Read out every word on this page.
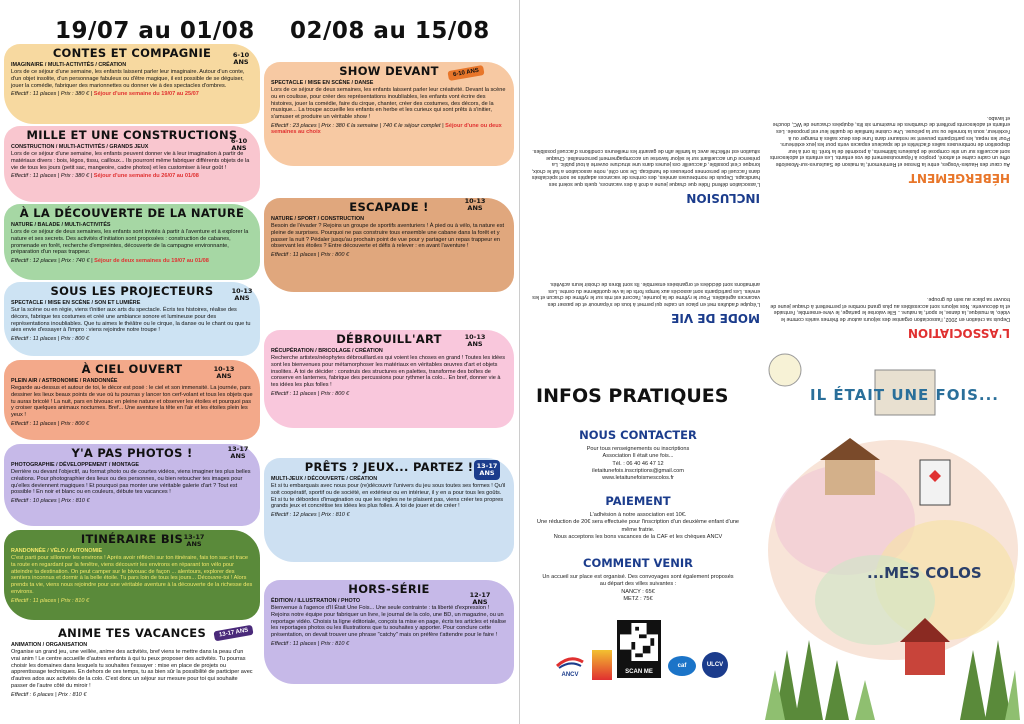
19/07 au 01/08 02/08 au 15/08
CONTES ET COMPAGNIE
IMAGINAIRE / MULTI-ACTIVITÉS / CRÉATION
Lors de ce séjour d'une semaine, les enfants laissent parler leur imaginaire. Autour d'un conte, d'un objet insolite, d'un personnage fabuleux ou d'être magique, il est possible de se déguiser, jouer la comédie, fabriquer des marionnettes ou donner vie à des spectacles d'ombres.
Effectif : 11 places | Prix : 380 € | Séjour d'une semaine du 19/07 au 25/07
6-10 ANS
MILLE ET UNE CONSTRUCTIONS
CONSTRUCTION / MULTI-ACTIVITÉS / GRANDS JEUX
Lors de ce séjour d'une semaine, les enfants peuvent donner vie à leur imagination à partir de matériaux divers : bois, légos, tissu, cailloux... Ils pourront même fabriquer différents objets de la vie de tous les jours (petit sac, mangeoire, cadre photos) et les customiser à leur goût !
Effectif : 11 places | Prix : 380 € | Séjour d'une semaine du 26/07 au 01/08
6-10 ANS
À LA DÉCOUVERTE DE LA NATURE
NATURE / BALADE / MULTI-ACTIVITÉS
Lors de ce séjour de deux semaines, les enfants sont invités à partir à l'aventure et à explorer la nature et ses secrets. Des activités d'initiation sont proposées : construction de cabanes, promenade en forêt, recherche d'empreintes, découverte de la campagne environnante, préparation d'un repas trappeur.
Effectif : 12 places | Prix : 740 € | Séjour de deux semaines du 19/07 au 01/08
SOUS LES PROJECTEURS
SPECTACLE / MISE EN SCÈNE / SON ET LUMIÈRE
Sur la scène ou en régie, viens t'initier aux arts du spectacle. Écris tes histoires, réalise des décors, fabrique tes costumes et créé une ambiance sonore et lumineuse pour des représentations inoubliables. Que tu aimes le théâtre ou le cirque, la danse ou le chant ou que tu aies envie d'essayer à l'impro : viens rejoindre notre troupe !
Effectif : 11 places | Prix : 800 €
10-13 ANS
À CIEL OUVERT
PLEIN AIR / ASTRONOMIE / RANDONNÉE
Regarde au-dessus et autour de toi, le décor est posé : le ciel et son immensité. La journée, pars dessiner les lieux beaux points de vue où tu pourras y lancer ton cerf-volant et tous les objets que tu auras bricolé ! La nuit, pars en bivouac en pleine nature et observer les étoiles et pourquoi pas y croiser quelques animaux nocturnes. Bref... Une aventure la tête en l'air et les étoiles plein les yeux !
Effectif : 11 places | Prix : 800 €
10-13 ANS
Y'A PAS PHOTOS !
PHOTOGRAPHIE / DÉVELOPPEMENT / MONTAGE
Derrière ou devant l'objectif, au format photo ou de courtes vidéos, viens imaginer tes plus belles créations. Pour photographier des lieux ou des personnes, ou bien retoucher tes images pour qu'elles deviennent magiques ! Et pourquoi pas monter une véritable galerie d'art ? Tout est possible ! En noir et blanc ou en couleurs, débute tes vacances !
Effectif : 10 places | Prix : 810 €
13-17 ANS
ITINÉRAIRE BIS
RANDONNÉE / VÉLO / AUTONOMIE
C'est parti pour sillonner les environs ! Après avoir réfléchi sur ton itinéraire, fais ton sac et trace ta route en regardant par la fenêtre, viens découvrir les environs en réparant ton vélo pour atteindre ta destination. On peut camper sur le bivouac de façon ... alentours, explorer des sentiers inconnus et dormir à la belle étoile. Tu pars loin de tous les jours... Découvre-toi ! Alors prends ta vie, viens nous rejoindre pour une véritable aventure à la découverte de la richesse des environs.
Effectif : 11 places | Prix : 810 €
13-17 ANS
ANIME TES VACANCES
ANIMATION / ORGANISATION
Organise un grand jeu, une veillée, anime des activités, bref viens te mettre dans la peau d'un vrai anim ! Le centre accueille d'autres enfants à qui tu peux proposer des activités. Tu pourras choisir les domaines dans lesquels tu souhaites t'essayer : mise en place de projets ou apprentissage techniques. En dehors de ces temps, tu as bien sûr la possibilité de participer avec d'autres ados aux activités de la colo. C'est donc un séjour sur mesure pour toi qui souhaite passer de l'autre côté du miroir !
Effectif : 6 places | Prix : 810 €
13-17 ANS
SHOW DEVANT
SPECTACLE / MISE EN SCÈNE / DANSE
Lors de ce séjour de deux semaines, les enfants laissent parler leur créativité. Devant la scène ou en coulisse, pour créer des représentations inoubliables, les enfants vont écrire des histoires, jouer la comédie, faire du cirque, chanter, créer des costumes, des décors, de la musique... La troupe accueille les enfants en herbe et les curieux qui sont prêts à s'initier, s'amuser et produire un véritable show !
Effectif : 23 places | Prix : 380 € la semaine | 740 € le séjour complet | Séjour d'une ou deux semaines au choix
6-10 ANS
ESCAPADE !
NATURE / SPORT / CONSTRUCTION
Besoin de l'évader ? Rejoins un groupe de sportifs aventuriers ! À pied ou à vélo, ta nature est pleine de surprises. Pourquoi ne pas construire tous ensemble une cabane dans la forêt et y passer la nuit ? Pédaler jusqu'au prochain point de vue pour y partager un repas trappeur en observant les étoiles ? Entre découverte et défis à relever : en avant l'aventure !
Effectif : 11 places | Prix : 800 €
10-13 ANS
DÉBROUILL'ART
RÉCUPÉRATION / BRICOLAGE / CRÉATION
Recherche artistes/néophytes débrouillard.es qui voient les choses en grand ! Toutes les idées sont les bienvenues pour métamorphoser les matériaux en véritables œuvres d'art et objets insolites. À toi de décider : construis des structures en palettes, transforme des boîtes de conserve en lanternes, fabrique des percussions pour rythmer la colo... En bref, donner vie à tes idées les plus folles !
Effectif : 11 places | Prix : 800 €
10-13 ANS
PRÊTS ? JEUX... PARTEZ !
MULTI-JEUX / DÉCOUVERTE / CRÉATION
Et si tu embarquais avec nous pour (re)découvrir l'univers du jeu sous toutes ses formes ! Qu'il soit coopératif, sportif ou de société, en extérieur ou en intérieur, il y en a pour tous les goûts. Et si tu te débordes d'imagination ou que les règles ne te plaisent pas, viens créer tes propres grands jeux et concrétise tes idées les plus folles. À toi de jouer et de créer !
Effectif : 12 places | Prix : 810 €
13-17 ANS
HORS-SÉRIE
ÉDITION / ILLUSTRATION / PHOTO
Bienvenue à l'agence d'Il Était Une Fois... Une seule contrainte : ta liberté d'expression ! Rejoins notre équipe pour fabriquer un livre, le journal de la colo, une BD, un magazine, ou un reportage vidéo. Choisis ta ligne éditoriale, conçois ta mise en page, écris tes articles et réalise les reportages photos ou les illustrations que tu souhaites y apporter. Pour conclure cette présentation, on devait trouver une phrase "catchy" mais on préfère t'attendre pour le faire !
Effectif : 11 places | Prix : 810 €
12-17 ANS
INFOS PRATIQUES
NOUS CONTACTER

Pour tous renseignements ou inscriptions

Association Il était une fois...

Tél. : 06 40 46 47 12

iletaitunefois.inscriptions@gmail.com

www.letaitunefoismescolos.fr

PAIEMENT

L'adhésion à notre association est 10€.

Une réduction de 20€ sera effectuée pour l'inscription d'un deuxième enfant d'une même fratrie.

Nous acceptons les bons vacances de la CAF et les chèques ANCV

COMMENT VENIR

Un accueil sur place est organisé. Des convoyages sont également proposés

au départ des villes suivantes :

NANCY : 65€

METZ : 75€

ANCV	SCAN ME
caf	ULCV
L'ASSOCIATION
Depuis sa création en 2002, l'association organise des séjours autour de thèmes variés comme le vidéo, la musique, la danse, le sport, la nature... Elle valorise le partage, le vivre-ensemble, l'entraide et la découverte. Nos séjours sont accessibles au plus grand nombre et permettent à chaque jeune de trouver sa place au sein du groupe.
HÉBERGEMENT
Au cœur des Hautes-Vosges, entre la Bresse et Remiremont, la maison de Saulxures-sur-Moselotte offre un cadre calme et arboré, propice à l'épanouissement de vos enfants. Les enfants et adolescents sont accueillis sur un site composé de plusieurs bâtiments, à proximité de la forêt. Ils ont à leur disposition de nombreuses salles d'activités et de spacieux espaces verts pour les jeux extérieurs. Pour les repas, les participants peuvent se restaurer dans l'une des deux salles à manger ou à l'extérieur, sous la tonnelle ou sur la pelouse. Une cuisine familiale de qualité leur est proposée. Les enfants et adolescents profitent de chambres de maximum six lits, équipées chacune de WC, douche et lavabo.
INCLUSION
L'association défend l'idée que chaque jeune a droit à des vacances, quels que soient ses handicaps. Depuis de nombreuses années, des centres de vacances adaptés se sont spécialisés dans l'accueil de personnes porteuses de handicap. De son côté, notre association a fait le choix, lorsque c'est possible, d'accueillir ces jeunes dans une structure ouverte à tout public. La présence d'un accueillant sur le séjour favorise un accompagnement personnalisé. Chaque situation est réfléchie avec la famille afin de garantir les meilleures conditions d'accueil possibles.
MODE DE VIE
L'équipe d'adultes met en place un cadre qui permet à tous de s'épanouir et de passer des vacances agréables. Pour le rythme de la journée, l'accent est mis sur le rythme de chacun et les envies. Les participants sont associés aux temps forts de la vie quotidienne du centre. Les animations sont décidées et organisées ensemble. Ils sont libres de choisir leurs activités.
IL ÉTAIT UNE FOIS...
...MES COLOS
